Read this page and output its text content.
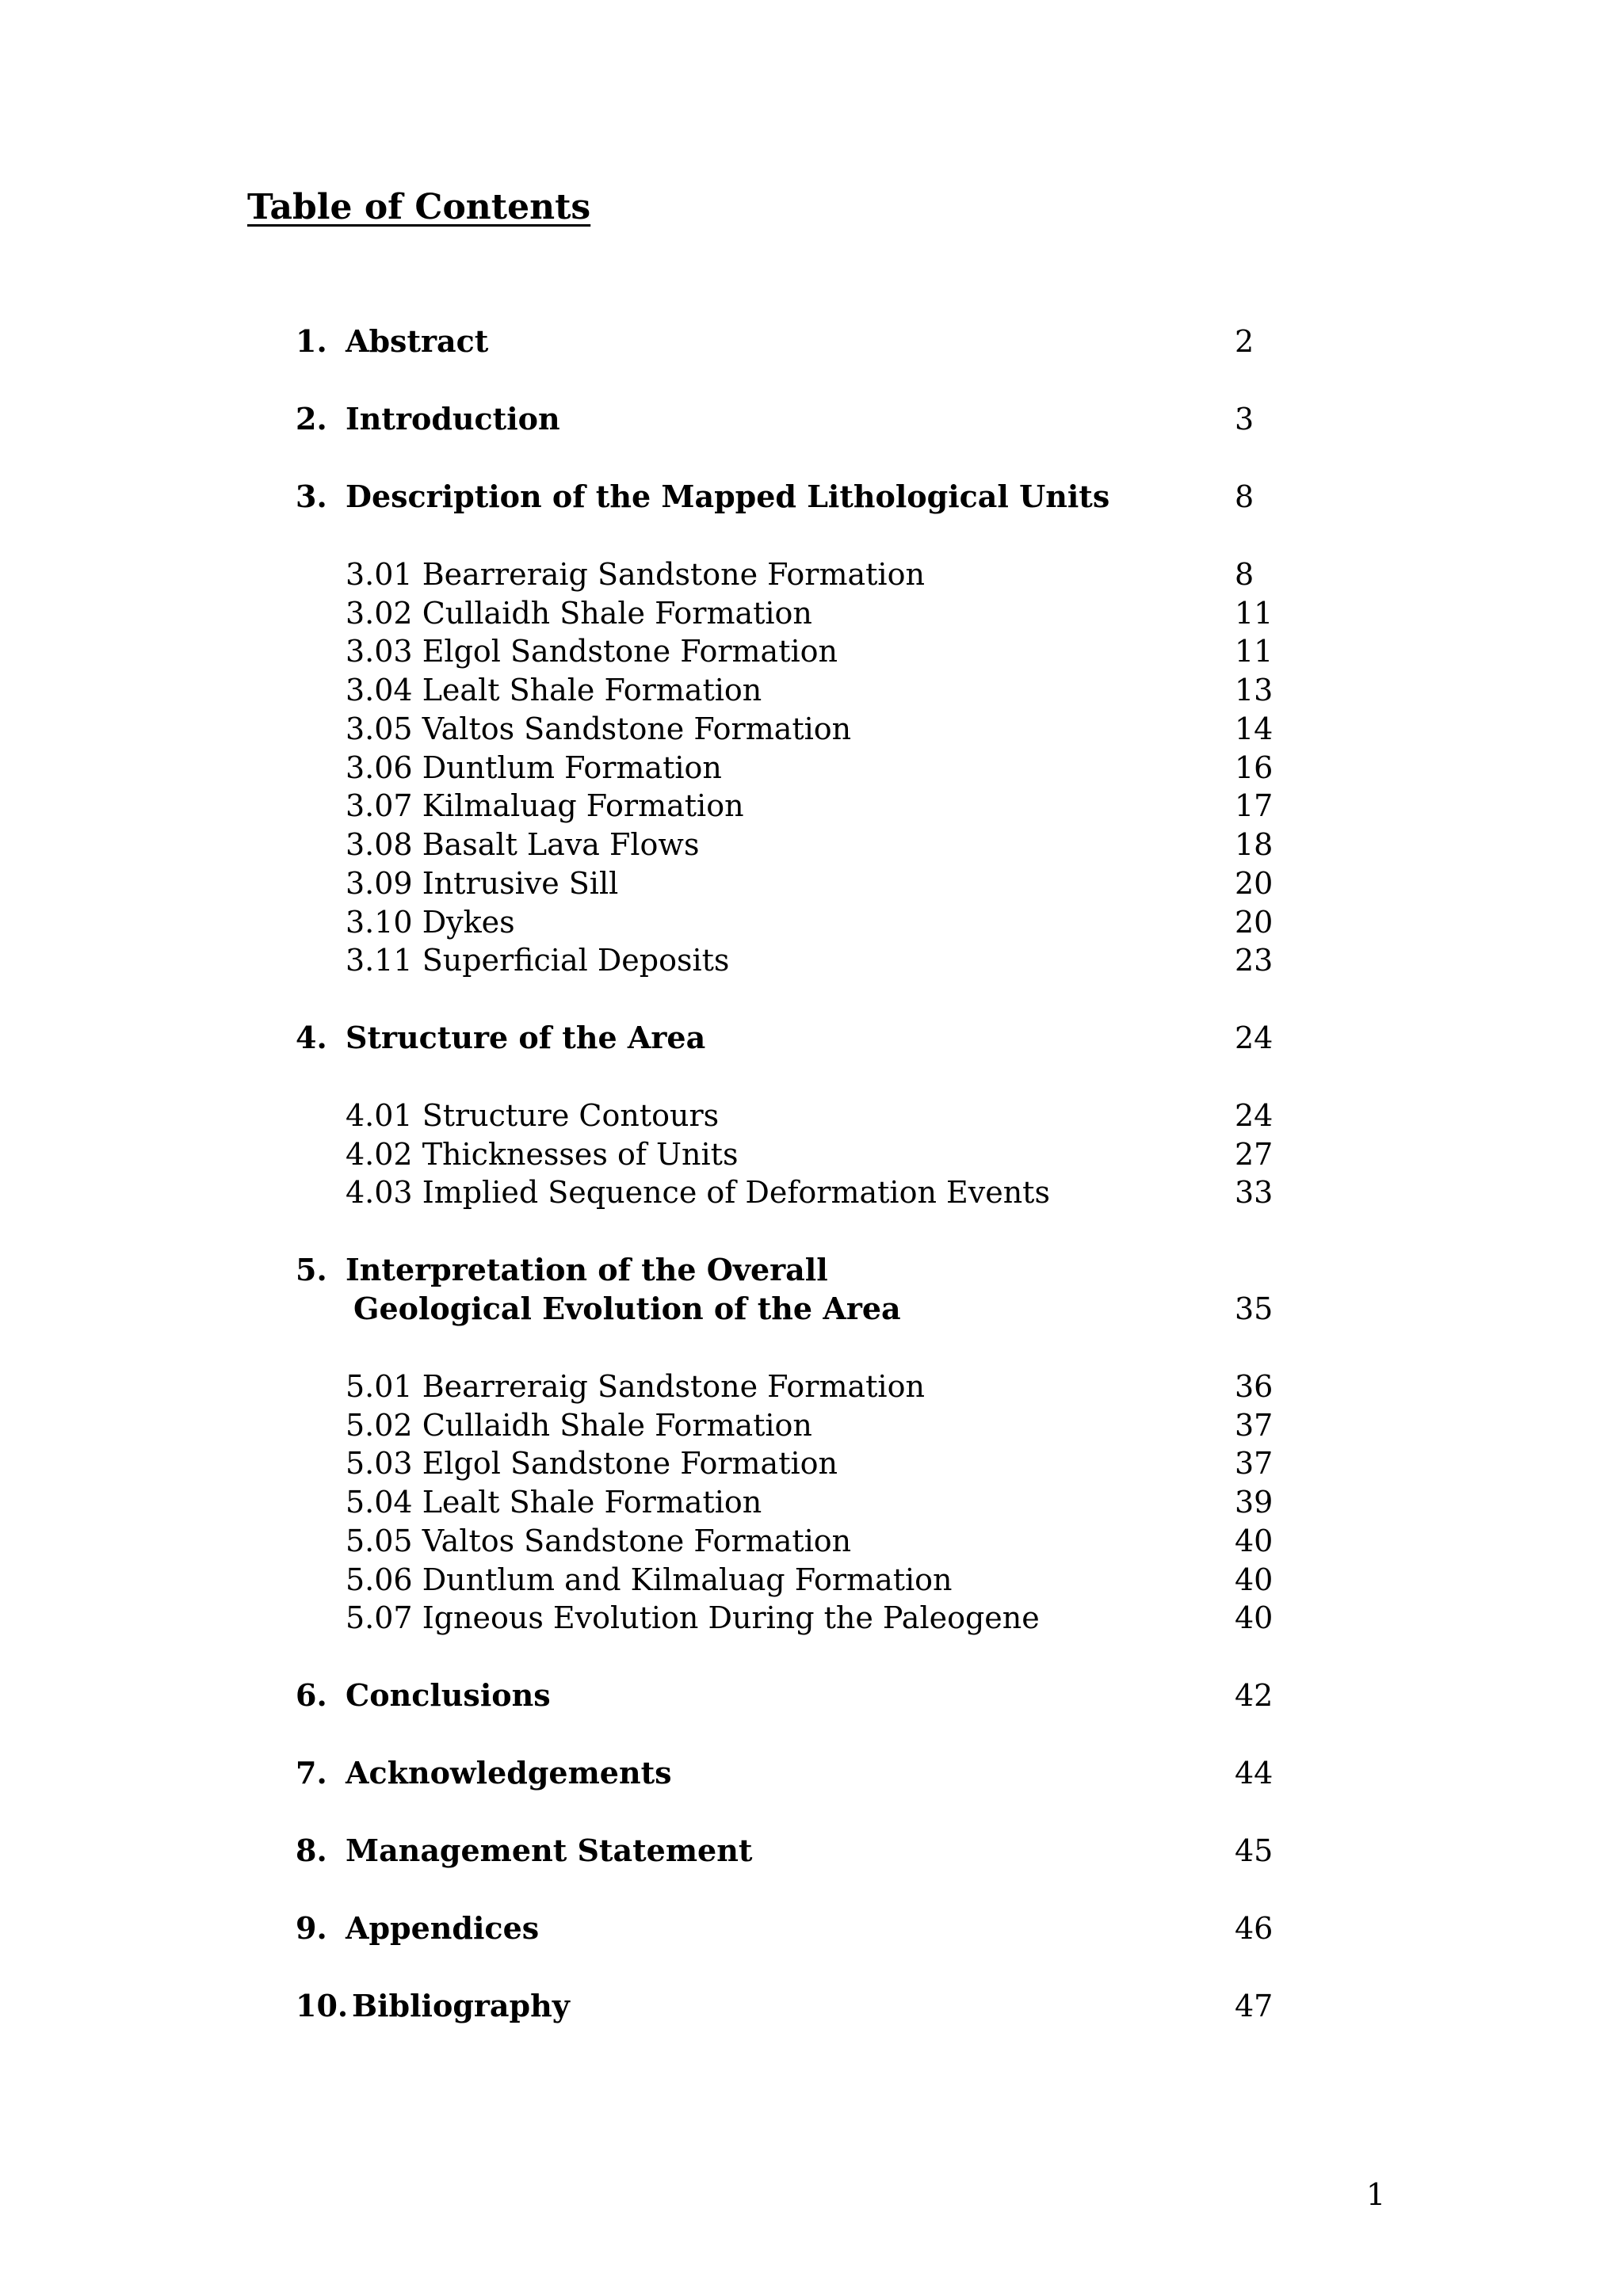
Table of Contents
1. Abstract	2
2. Introduction	3
3. Description of the Mapped Lithological Units	8
3.01 Bearreraig Sandstone Formation	8
3.02 Cullaidh Shale Formation	11
3.03 Elgol Sandstone Formation	11
3.04 Lealt Shale Formation	13
3.05 Valtos Sandstone Formation	14
3.06 Duntlum Formation	16
3.07 Kilmaluag Formation	17
3.08 Basalt Lava Flows	18
3.09 Intrusive Sill	20
3.10 Dykes	20
3.11 Superficial Deposits	23
4. Structure of the Area	24
4.01 Structure Contours	24
4.02 Thicknesses of Units	27
4.03 Implied Sequence of Deformation Events	33
5. Interpretation of the Overall
Geological Evolution of the Area	35
5.01 Bearreraig Sandstone Formation	36
5.02 Cullaidh Shale Formation	37
5.03 Elgol Sandstone Formation	37
5.04 Lealt Shale Formation	39
5.05 Valtos Sandstone Formation	40
5.06 Duntlum and Kilmaluag Formation	40
5.07 Igneous Evolution During the Paleogene	40
6. Conclusions	42
7. Acknowledgements	44
8. Management Statement	45
9. Appendices	46
10. Bibliography	47
1
